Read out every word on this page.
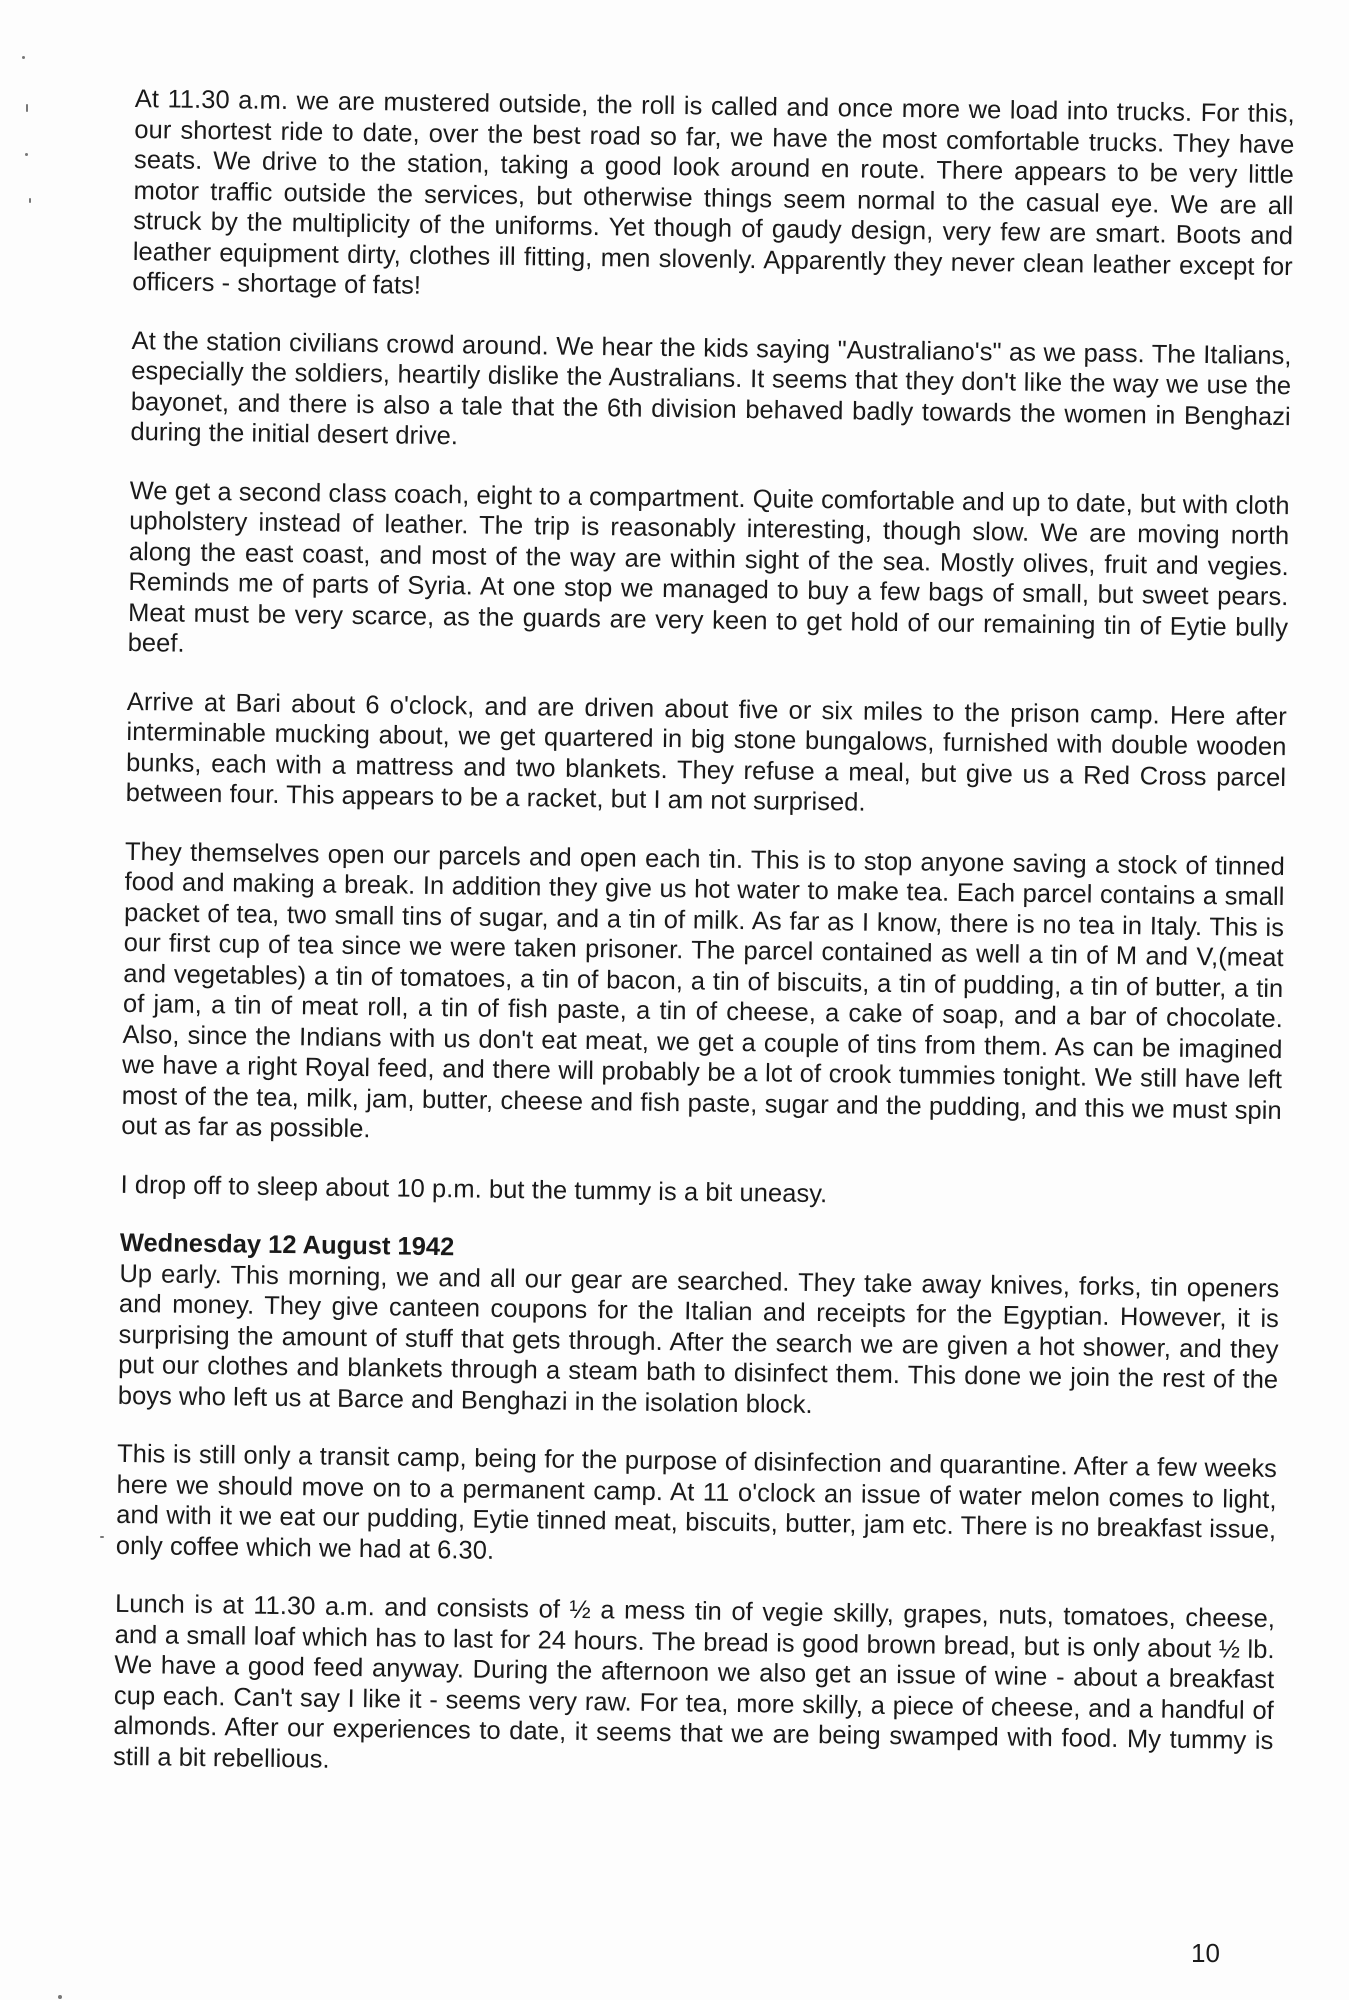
At 11.30 a.m. we are mustered outside, the roll is called and once more we load into trucks. For this, our shortest ride to date, over the best road so far, we have the most comfortable trucks. They have seats. We drive to the station, taking a good look around en route. There appears to be very little motor traffic outside the services, but otherwise things seem normal to the casual eye. We are all struck by the multiplicity of the uniforms. Yet though of gaudy design, very few are smart. Boots and leather equipment dirty, clothes ill fitting, men slovenly. Apparently they never clean leather except for officers - shortage of fats!

At the station civilians crowd around. We hear the kids saying "Australiano's" as we pass. The Italians, especially the soldiers, heartily dislike the Australians. It seems that they don't like the way we use the bayonet, and there is also a tale that the 6th division behaved badly towards the women in Benghazi during the initial desert drive.

We get a second class coach, eight to a compartment. Quite comfortable and up to date, but with cloth upholstery instead of leather. The trip is reasonably interesting, though slow. We are moving north along the east coast, and most of the way are within sight of the sea. Mostly olives, fruit and vegies. Reminds me of parts of Syria. At one stop we managed to buy a few bags of small, but sweet pears. Meat must be very scarce, as the guards are very keen to get hold of our remaining tin of Eytie bully beef.

Arrive at Bari about 6 o'clock, and are driven about five or six miles to the prison camp. Here after interminable mucking about, we get quartered in big stone bungalows, furnished with double wooden bunks, each with a mattress and two blankets. They refuse a meal, but give us a Red Cross parcel between four. This appears to be a racket, but I am not surprised.

They themselves open our parcels and open each tin. This is to stop anyone saving a stock of tinned food and making a break. In addition they give us hot water to make tea. Each parcel contains a small packet of tea, two small tins of sugar, and a tin of milk. As far as I know, there is no tea in Italy. This is our first cup of tea since we were taken prisoner. The parcel contained as well a tin of M and V,(meat and vegetables) a tin of tomatoes, a tin of bacon, a tin of biscuits, a tin of pudding, a tin of butter, a tin of jam, a tin of meat roll, a tin of fish paste, a tin of cheese, a cake of soap, and a bar of chocolate. Also, since the Indians with us don't eat meat, we get a couple of tins from them. As can be imagined we have a right Royal feed, and there will probably be a lot of crook tummies tonight. We still have left most of the tea, milk, jam, butter, cheese and fish paste, sugar and the pudding, and this we must spin out as far as possible.

I drop off to sleep about 10 p.m. but the tummy is a bit uneasy.

Wednesday 12 August 1942

Up early. This morning, we and all our gear are searched. They take away knives, forks, tin openers and money. They give canteen coupons for the Italian and receipts for the Egyptian. However, it is surprising the amount of stuff that gets through. After the search we are given a hot shower, and they put our clothes and blankets through a steam bath to disinfect them. This done we join the rest of the boys who left us at Barce and Benghazi in the isolation block.

This is still only a transit camp, being for the purpose of disinfection and quarantine. After a few weeks here we should move on to a permanent camp. At 11 o'clock an issue of water melon comes to light, and with it we eat our pudding, Eytie tinned meat, biscuits, butter, jam etc. There is no breakfast issue, only coffee which we had at 6.30.

Lunch is at 11.30 a.m. and consists of ½ a mess tin of vegie skilly, grapes, nuts, tomatoes, cheese, and a small loaf which has to last for 24 hours. The bread is good brown bread, but is only about ½ lb. We have a good feed anyway. During the afternoon we also get an issue of wine - about a breakfast cup each. Can't say I like it - seems very raw. For tea, more skilly, a piece of cheese, and a handful of almonds. After our experiences to date, it seems that we are being swamped with food. My tummy is still a bit rebellious.

10
